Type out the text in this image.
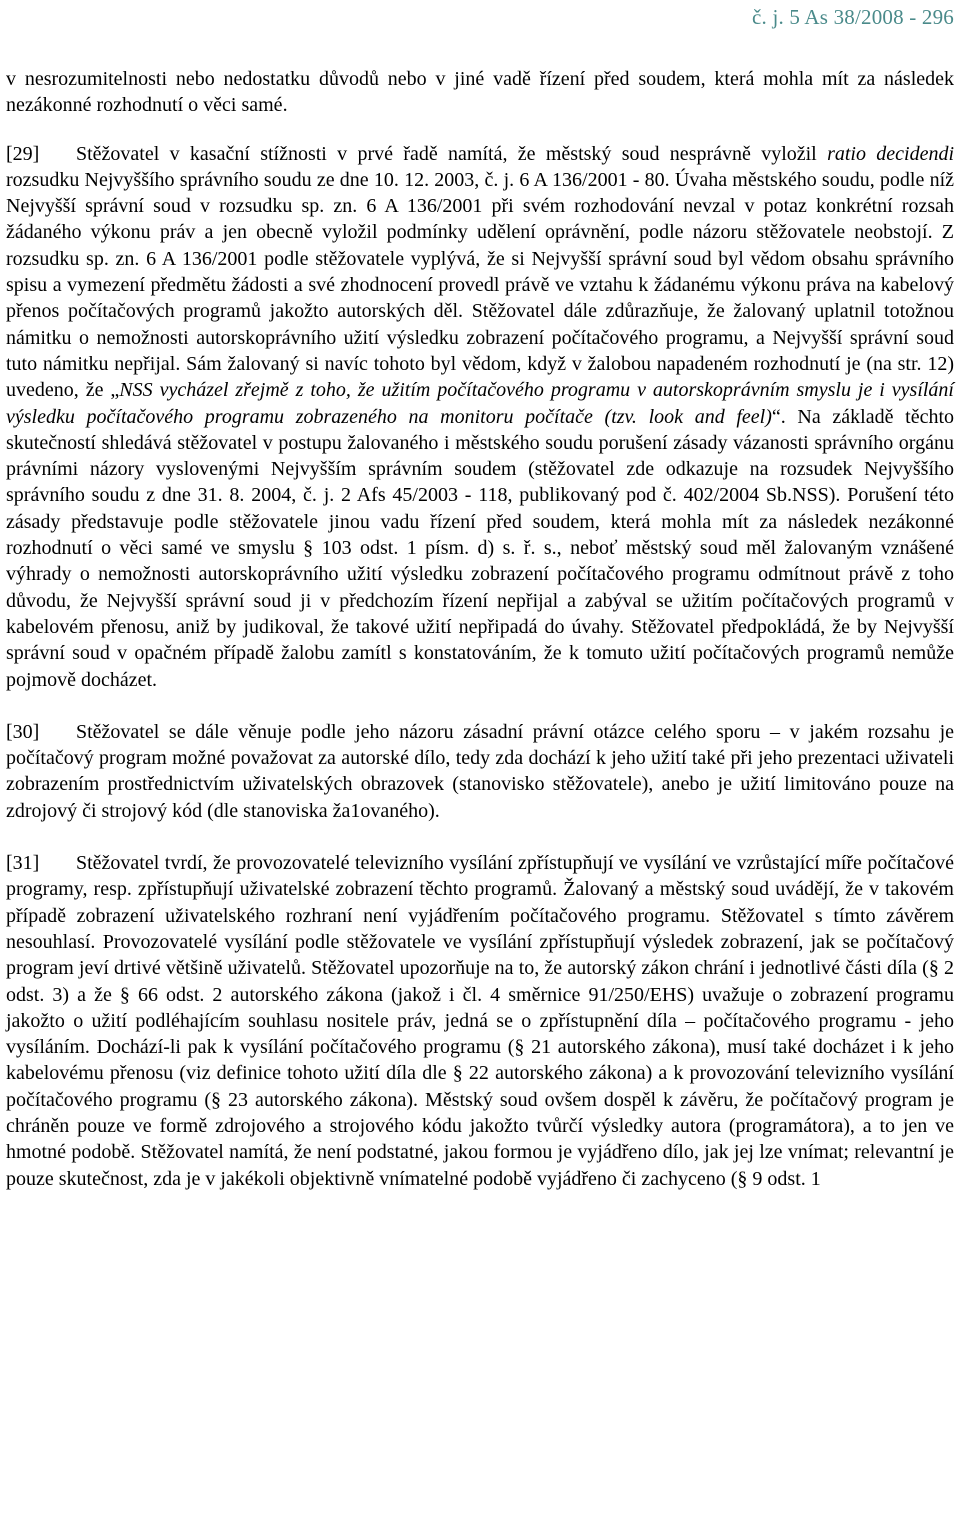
č. j. 5 As 38/2008 - 296

v nesrozumitelnosti nebo nedostatku důvodů nebo v jiné vadě řízení před soudem, která mohla mít za následek nezákonné rozhodnutí o věci samé.

[29] Stěžovatel v kasační stížnosti v prvé řadě namítá, že městský soud nesprávně vyložil ratio decidendi rozsudku Nejvyššího správního soudu ze dne 10. 12. 2003, č. j. 6 A 136/2001 - 80. Úvaha městského soudu, podle níž Nejvyšší správní soud v rozsudku sp. zn. 6 A 136/2001 při svém rozhodování nevzal v potaz konkrétní rozsah žádaného výkonu práv a jen obecně vyložil podmínky udělení oprávnění, podle názoru stěžovatele neobstojí. Z rozsudku sp. zn. 6 A 136/2001 podle stěžovatele vyplývá, že si Nejvyšší správní soud byl vědom obsahu správního spisu a vymezení předmětu žádosti a své zhodnocení provedl právě ve vztahu k žádanému výkonu práva na kabelový přenos počítačových programů jakožto autorských děl. Stěžovatel dále zdůrazňuje, že žalovaný uplatnil totožnou námitku o nemožnosti autorskoprávního užití výsledku zobrazení počítačového programu, a Nejvyšší správní soud tuto námitku nepřijal. Sám žalovaný si navíc tohoto byl vědom, když v žalobou napadeném rozhodnutí je (na str. 12) uvedeno, že „NSS vycházel zřejmě z toho, že užitím počítačového programu v autorskoprávním smyslu je i vysílání výsledku počítačového programu zobrazeného na monitoru počítače (tzv. look and feel)“. Na základě těchto skutečností shledává stěžovatel v postupu žalovaného i městského soudu porušení zásady vázanosti správního orgánu právními názory vyslovenými Nejvyšším správním soudem (stěžovatel zde odkazuje na rozsudek Nejvyššího správního soudu z dne 31. 8. 2004, č. j. 2 Afs 45/2003 - 118, publikovaný pod č. 402/2004 Sb.NSS). Porušení této zásady představuje podle stěžovatele jinou vadu řízení před soudem, která mohla mít za následek nezákonné rozhodnutí o věci samé ve smyslu § 103 odst. 1 písm. d) s. ř. s., neboť městský soud měl žalovaným vznášené výhrady o nemožnosti autorskoprávního užití výsledku zobrazení počítačového programu odmítnout právě z toho důvodu, že Nejvyšší správní soud ji v předchozím řízení nepřijal a zabýval se užitím počítačových programů v kabelovém přenosu, aniž by judikoval, že takové užití nepřipadá do úvahy. Stěžovatel předpokládá, že by Nejvyšší správní soud v opačném případě žalobu zamítl s konstatováním, že k tomuto užití počítačových programů nemůže pojmově docházet.

[30] Stěžovatel se dále věnuje podle jeho názoru zásadní právní otázce celého sporu – v jakém rozsahu je počítačový program možné považovat za autorské dílo, tedy zda dochází k jeho užití také při jeho prezentaci uživateli zobrazením prostřednictvím uživatelských obrazovek (stanovisko stěžovatele), anebo je užití limitováno pouze na zdrojový či strojový kód (dle stanoviska ža1ovaného).

[31] Stěžovatel tvrdí, že provozovatelé televizního vysílání zpřístupňují ve vysílání ve vzrůstající míře počítačové programy, resp. zpřístupňují uživatelské zobrazení těchto programů. Žalovaný a městský soud uvádějí, že v takovém případě zobrazení uživatelského rozhraní není vyjádřením počítačového programu. Stěžovatel s tímto závěrem nesouhlasí. Provozovatelé vysílání podle stěžovatele ve vysílání zpřístupňují výsledek zobrazení, jak se počítačový program jeví drtivé většině uživatelů. Stěžovatel upozorňuje na to, že autorský zákon chrání i jednotlivé části díla (§ 2 odst. 3) a že § 66 odst. 2 autorského zákona (jakož i čl. 4 směrnice 91/250/EHS) uvažuje o zobrazení programu jakožto o užití podléhajícím souhlasu nositele práv, jedná se o zpřístupnění díla – počítačového programu - jeho vysíláním. Dochází-li pak k vysílání počítačového programu (§ 21 autorského zákona), musí také docházet i k jeho kabelovému přenosu (viz definice tohoto užití díla dle § 22 autorského zákona) a k provozování televizního vysílání počítačového programu (§ 23 autorského zákona). Městský soud ovšem dospěl k závěru, že počítačový program je chráněn pouze ve formě zdrojového a strojového kódu jakožto tvůrčí výsledky autora (programátora), a to jen ve hmotné podobě. Stěžovatel namítá, že není podstatné, jakou formou je vyjádřeno dílo, jak jej lze vnímat; relevantní je pouze skutečnost, zda je v jakékoli objektivně vnímatelné podobě vyjádřeno či zachyceno (§ 9 odst. 1
